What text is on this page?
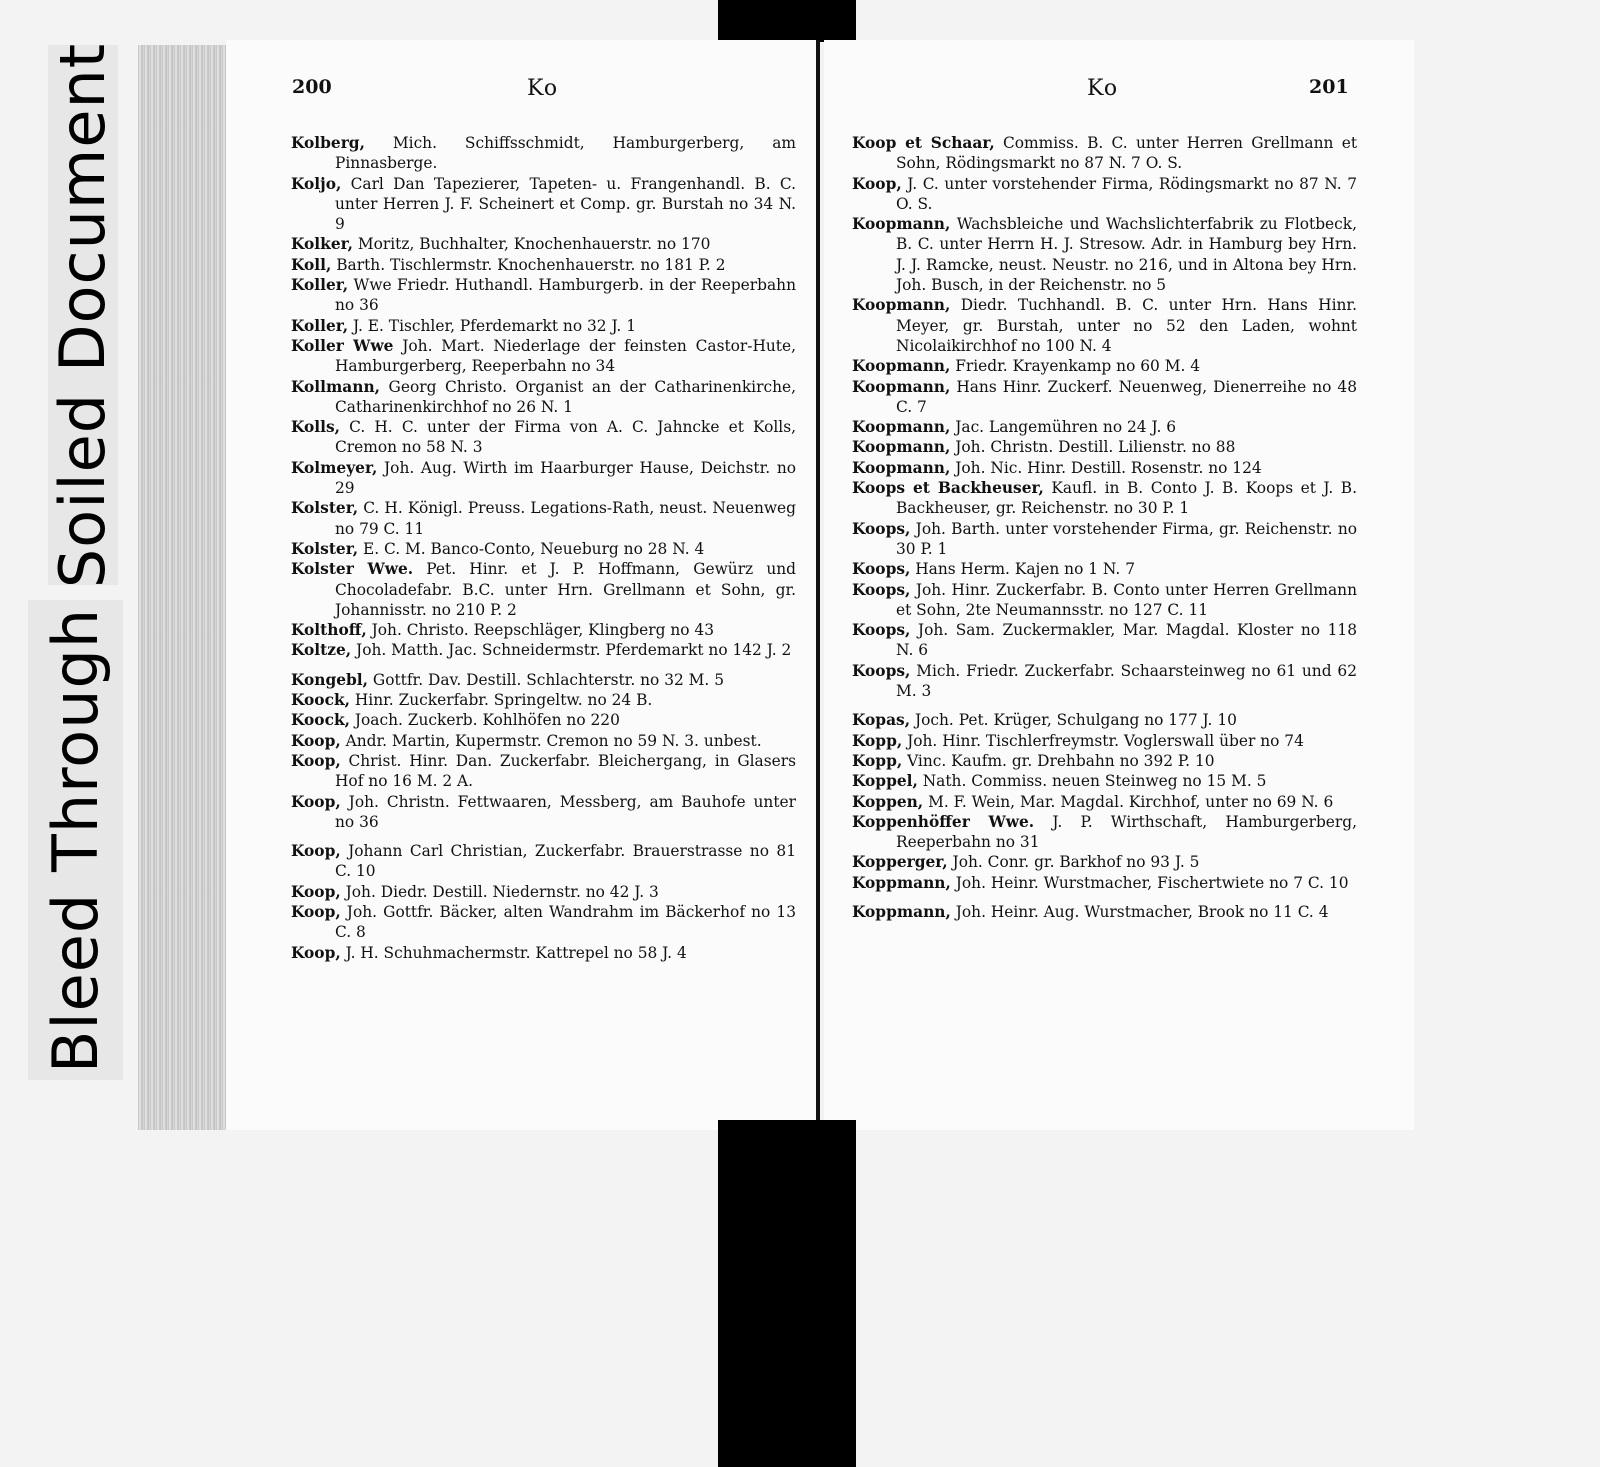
Soiled Document
Bleed Through
200	Ko	Ko	201

Kolberg, Mich. Schiffsschmidt, Hamburgerberg, am Pinnasberge.

Koljo, Carl Dan Tapezierer, Tapeten- u. Frangenhandl. B. C. unter Herren J. F. Scheinert et Comp. gr. Burstah no 34 N. 9

Kolker, Moritz, Buchhalter, Knochenhauerstr. no 170

Koll, Barth. Tischlermstr. Knochenhauerstr. no 181 P. 2

Koller, Wwe Friedr. Huthandl. Hamburgerb. in der Reeperbahn no 36

Koller, J. E. Tischler, Pferdemarkt no 32 J. 1

Koller Wwe Joh. Mart. Niederlage der feinsten Castor-Hute, Hamburgerberg, Reeperbahn no 34

Kollmann, Georg Christo. Organist an der Catharinenkirche, Catharinenkirchhof no 26 N. 1

Kolls, C. H. C. unter der Firma von A. C. Jahncke et Kolls, Cremon no 58 N. 3

Kolmeyer, Joh. Aug. Wirth im Haarburger Hause, Deichstr. no 29

Kolster, C. H. Königl. Preuss. Legations-Rath, neust. Neuenweg no 79 C. 11

Kolster, E. C. M. Banco-Conto, Neueburg no 28 N. 4

Kolster Wwe. Pet. Hinr. et J. P. Hoffmann, Gewürz und Chocoladefabr. B.C. unter Hrn. Grellmann et Sohn, gr. Johannisstr. no 210 P. 2

Kolthoff, Joh. Christo. Reepschläger, Klingberg no 43

Koltze, Joh. Matth. Jac. Schneidermstr. Pferdemarkt no 142 J. 2

Kongebl, Gottfr. Dav. Destill. Schlachterstr. no 32 M. 5

Koock, Hinr. Zuckerfabr. Springeltw. no 24 B.

Koock, Joach. Zuckerb. Kohlhöfen no 220

Koop, Andr. Martin, Kupermstr. Cremon no 59 N. 3. unbest.

Koop, Christ. Hinr. Dan. Zuckerfabr. Bleichergang, in Glasers Hof no 16 M. 2 A.

Koop, Joh. Christn. Fettwaaren, Messberg, am Bauhofe unter no 36

Koop, Johann Carl Christian, Zuckerfabr. Brauerstrasse no 81 C. 10

Koop, Joh. Diedr. Destill. Niedernstr. no 42 J. 3

Koop, Joh. Gottfr. Bäcker, alten Wandrahm im Bäckerhof no 13 C. 8

Koop, J. H. Schuhmachermstr. Kattrepel no 58 J. 4

Koop et Schaar, Commiss. B. C. unter Herren Grellmann et Sohn, Rödingsmarkt no 87 N. 7 O. S.

Koop, J. C. unter vorstehender Firma, Rödingsmarkt no 87 N. 7 O. S.

Koopmann, Wachsbleiche und Wachslichterfabrik zu Flotbeck, B. C. unter Herrn H. J. Stresow. Adr. in Hamburg bey Hrn. J. J. Ramcke, neust. Neustr. no 216, und in Altona bey Hrn. Joh. Busch, in der Reichenstr. no 5

Koopmann, Diedr. Tuchhandl. B. C. unter Hrn. Hans Hinr. Meyer, gr. Burstah, unter no 52 den Laden, wohnt Nicolaikirchhof no 100 N. 4

Koopmann, Friedr. Krayenkamp no 60 M. 4

Koopmann, Hans Hinr. Zuckerf. Neuenweg, Dienerreihe no 48 C. 7

Koopmann, Jac. Langemühren no 24 J. 6

Koopmann, Joh. Christn. Destill. Lilienstr. no 88

Koopmann, Joh. Nic. Hinr. Destill. Rosenstr. no 124

Koops et Backheuser, Kaufl. in B. Conto J. B. Koops et J. B. Backheuser, gr. Reichenstr. no 30 P. 1

Koops, Joh. Barth. unter vorstehender Firma, gr. Reichenstr. no 30 P. 1

Koops, Hans Herm. Kajen no 1 N. 7

Koops, Joh. Hinr. Zuckerfabr. B. Conto unter Herren Grellmann et Sohn, 2te Neumannsstr. no 127 C. 11

Koops, Joh. Sam. Zuckermakler, Mar. Magdal. Kloster no 118 N. 6

Koops, Mich. Friedr. Zuckerfabr. Schaarsteinweg no 61 und 62 M. 3

Kopas, Joch. Pet. Krüger, Schulgang no 177 J. 10

Kopp, Joh. Hinr. Tischlerfreymstr. Voglerswall über no 74

Kopp, Vinc. Kaufm. gr. Drehbahn no 392 P. 10

Koppel, Nath. Commiss. neuen Steinweg no 15 M. 5

Koppen, M. F. Wein, Mar. Magdal. Kirchhof, unter no 69 N. 6

Koppenhöffer Wwe. J. P. Wirthschaft, Hamburgerberg, Reeperbahn no 31

Kopperger, Joh. Conr. gr. Barkhof no 93 J. 5

Koppmann, Joh. Heinr. Wurstmacher, Fischertwiete no 7 C. 10

Koppmann, Joh. Heinr. Aug. Wurstmacher, Brook no 11 C. 4
